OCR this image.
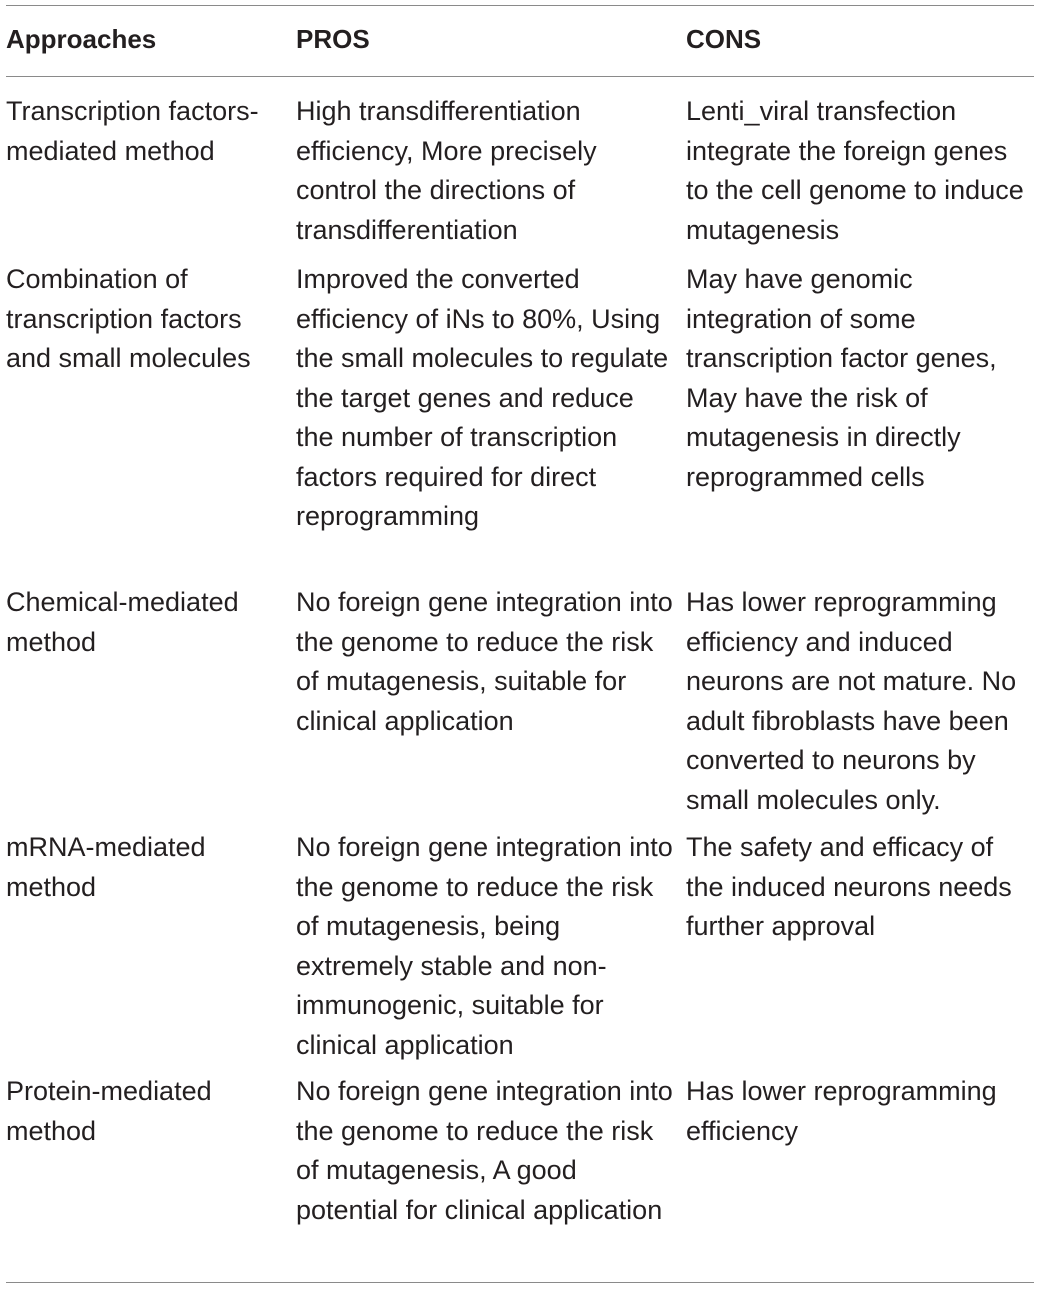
Approaches	PROS	CONS
Transcription factors-mediated method	High transdifferentiation efficiency, More precisely control the directions of transdifferentiation	Lenti_viral transfection integrate the foreign genes to the cell genome to induce mutagenesis
Combination of transcription factors and small molecules	Improved the converted efficiency of iNs to 80%, Using the small molecules to regulate the target genes and reduce the number of transcription factors required for direct reprogramming	May have genomic integration of some transcription factor genes, May have the risk of mutagenesis in directly reprogrammed cells
Chemical-mediated method	No foreign gene integration into the genome to reduce the risk of mutagenesis, suitable for clinical application	Has lower reprogramming efficiency and induced neurons are not mature. No adult fibroblasts have been converted to neurons by small molecules only.
mRNA-mediated method	No foreign gene integration into the genome to reduce the risk of mutagenesis, being extremely stable and non-immunogenic, suitable for clinical application	The safety and efficacy of the induced neurons needs further approval
Protein-mediated method	No foreign gene integration into the genome to reduce the risk of mutagenesis, A good potential for clinical application	Has lower reprogramming efficiency
